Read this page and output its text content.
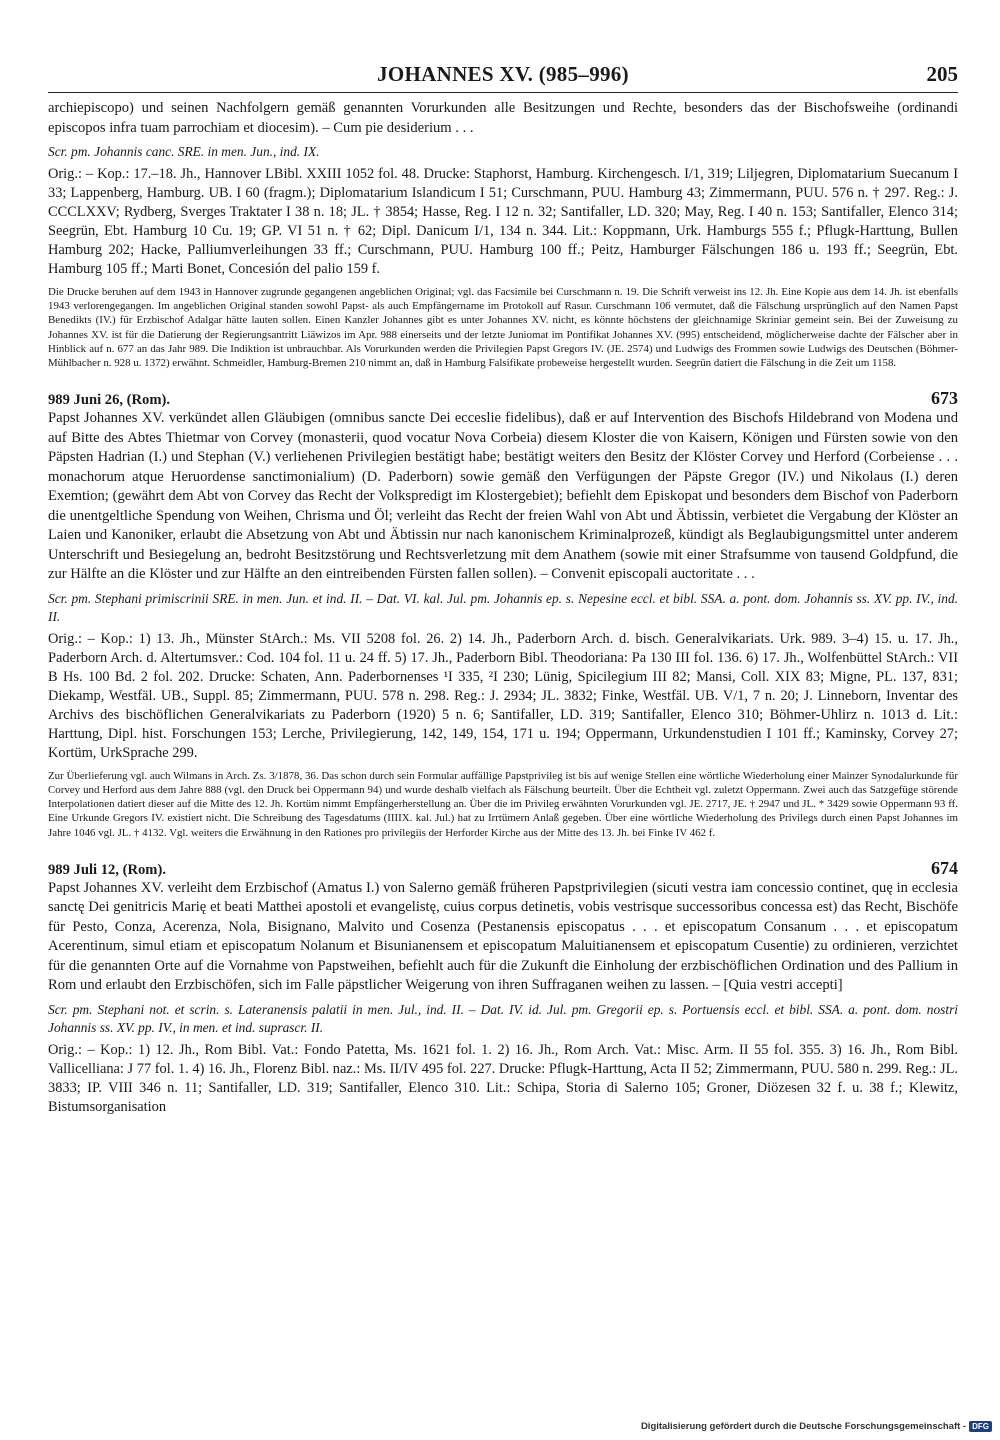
JOHANNES XV. (985–996)	205

archiepiscopo) und seinen Nachfolgern gemäß genannten Vorurkunden alle Besitzungen und Rechte, besonders das der Bischofsweihe (ordinandi episcopos infra tuam parrochiam et diocesim). – Cum pie desiderium . . .

Scr. pm. Johannis canc. SRE. in men. Jun., ind. IX.

Orig.: – Kop.: 17.–18. Jh., Hannover LBibl. XXIII 1052 fol. 48. Drucke: Staphorst, Hamburg. Kirchengesch. I/1, 319; Liljegren, Diplomatarium Suecanum I 33; Lappenberg, Hamburg. UB. I 60 (fragm.); Diplomatarium Islandicum I 51; Curschmann, PUU. Hamburg 43; Zimmermann, PUU. 576 n. † 297. Reg.: J. CCCLXXV; Rydberg, Sverges Traktater I 38 n. 18; JL. † 3854; Hasse, Reg. I 12 n. 32; Santifaller, LD. 320; May, Reg. I 40 n. 153; Santifaller, Elenco 314; Seegrün, Ebt. Hamburg 10 Cu. 19; GP. VI 51 n. † 62; Dipl. Danicum I/1, 134 n. 344. Lit.: Koppmann, Urk. Hamburgs 555 f.; Pflugk-Harttung, Bullen Hamburg 202; Hacke, Palliumverleihungen 33 ff.; Curschmann, PUU. Hamburg 100 ff.; Peitz, Hamburger Fälschungen 186 u. 193 ff.; Seegrün, Ebt. Hamburg 105 ff.; Marti Bonet, Concesión del palio 159 f.

Die Drucke beruhen auf dem 1943 in Hannover zugrunde gegangenen angeblichen Original; vgl. das Facsimile bei Curschmann n. 19. Die Schrift verweist ins 12. Jh. Eine Kopie aus dem 14. Jh. ist ebenfalls 1943 verlorengegangen. Im angeblichen Original standen sowohl Papst- als auch Empfängername im Protokoll auf Rasur. Curschmann 106 vermutet, daß die Fälschung ursprünglich auf den Namen Papst Benedikts (IV.) für Erzbischof Adalgar hätte lauten sollen. Einen Kanzler Johannes gibt es unter Johannes XV. nicht, es könnte höchstens der gleichnamige Skriniar gemeint sein. Bei der Zuweisung zu Johannes XV. ist für die Datierung der Regierungsantritt Liäwizos im Apr. 988 einerseits und der letzte Juniomat im Pontifikat Johannes XV. (995) entscheidend, möglicherweise dachte der Fälscher aber in Hinblick auf n. 677 an das Jahr 989. Die Indiktion ist unbrauchbar. Als Vorurkunden werden die Privilegien Papst Gregors IV. (JE. 2574) und Ludwigs des Frommen sowie Ludwigs des Deutschen (Böhmer-Mühlbacher n. 928 u. 1372) erwähnt. Schmeidler, Hamburg-Bremen 210 nimmt an, daß in Hamburg Falsifikate probeweise hergestellt wurden. Seegrün datiert die Fälschung in die Zeit um 1158.

989 Juni 26, (Rom).	673

Papst Johannes XV. verkündet allen Gläubigen (omnibus sancte Dei ecceslie fidelibus), daß er auf Intervention des Bischofs Hildebrand von Modena und auf Bitte des Abtes Thietmar von Corvey (monasterii, quod vocatur Nova Corbeia) diesem Kloster die von Kaisern, Königen und Fürsten sowie von den Päpsten Hadrian (I.) und Stephan (V.) verliehenen Privilegien bestätigt habe; bestätigt weiters den Besitz der Klöster Corvey und Herford (Corbeiense . . . monachorum atque Heruordense sanctimonialium) (D. Paderborn) sowie gemäß den Verfügungen der Päpste Gregor (IV.) und Nikolaus (I.) deren Exemtion; (gewährt dem Abt von Corvey das Recht der Volkspredigt im Klostergebiet); befiehlt dem Episkopat und besonders dem Bischof von Paderborn die unentgeltliche Spendung von Weihen, Chrisma und Öl; verleiht das Recht der freien Wahl von Abt und Äbtissin, verbietet die Vergabung der Klöster an Laien und Kanoniker, erlaubt die Absetzung von Abt und Äbtissin nur nach kanonischem Kriminalprozeß, kündigt als Beglaubigungsmittel unter anderem Unterschrift und Besiegelung an, bedroht Besitzstörung und Rechtsverletzung mit dem Anathem (sowie mit einer Strafsumme von tausend Goldpfund, die zur Hälfte an die Klöster und zur Hälfte an den eintreibenden Fürsten fallen sollen). – Convenit episcopali auctoritate . . .

Scr. pm. Stephani primiscrinii SRE. in men. Jun. et ind. II. – Dat. VI. kal. Jul. pm. Johannis ep. s. Nepesine eccl. et bibl. SSA. a. pont. dom. Johannis ss. XV. pp. IV., ind. II.

Orig.: – Kop.: 1) 13. Jh., Münster StArch.: Ms. VII 5208 fol. 26. 2) 14. Jh., Paderborn Arch. d. bisch. Generalvikariats. Urk. 989. 3–4) 15. u. 17. Jh., Paderborn Arch. d. Altertumsver.: Cod. 104 fol. 11 u. 24 ff. 5) 17. Jh., Paderborn Bibl. Theodoriana: Pa 130 III fol. 136. 6) 17. Jh., Wolfenbüttel StArch.: VII B Hs. 100 Bd. 2 fol. 202. Drucke: Schaten, Ann. Paderbornenses ¹I 335, ²I 230; Lünig, Spicilegium III 82; Mansi, Coll. XIX 83; Migne, PL. 137, 831; Diekamp, Westfäl. UB., Suppl. 85; Zimmermann, PUU. 578 n. 298. Reg.: J. 2934; JL. 3832; Finke, Westfäl. UB. V/1, 7 n. 20; J. Linneborn, Inventar des Archivs des bischöflichen Generalvikariats zu Paderborn (1920) 5 n. 6; Santifaller, LD. 319; Santifaller, Elenco 310; Böhmer-Uhlirz n. 1013 d. Lit.: Harttung, Dipl. hist. Forschungen 153; Lerche, Privilegierung, 142, 149, 154, 171 u. 194; Oppermann, Urkundenstudien I 101 ff.; Kaminsky, Corvey 27; Kortüm, UrkSprache 299.

Zur Überlieferung vgl. auch Wilmans in Arch. Zs. 3/1878, 36. Das schon durch sein Formular auffällige Papstprivileg ist bis auf wenige Stellen eine wörtliche Wiederholung einer Mainzer Synodalurkunde für Corvey und Herford aus dem Jahre 888 (vgl. den Druck bei Oppermann 94) und wurde deshalb vielfach als Fälschung beurteilt. Über die Echtheit vgl. zuletzt Oppermann. Zwei auch das Satzgefüge störende Interpolationen datiert dieser auf die Mitte des 12. Jh. Kortüm nimmt Empfängerherstellung an. Über die im Privileg erwähnten Vorurkunden vgl. JE. 2717, JE. † 2947 und JL. * 3429 sowie Oppermann 93 ff. Eine Urkunde Gregors IV. existiert nicht. Die Schreibung des Tagesdatums (IIIIX. kal. Jul.) hat zu Irrtümern Anlaß gegeben. Über eine wörtliche Wiederholung des Privilegs durch einen Papst Johannes im Jahre 1046 vgl. JL. † 4132. Vgl. weiters die Erwähnung in den Rationes pro privilegiis der Herforder Kirche aus der Mitte des 13. Jh. bei Finke IV 462 f.

989 Juli 12, (Rom).	674

Papst Johannes XV. verleiht dem Erzbischof (Amatus I.) von Salerno gemäß früheren Papstprivilegien (sicuti vestra iam concessio continet, quę in ecclesia sanctę Dei genitricis Marię et beati Matthei apostoli et evangelistę, cuius corpus detinetis, vobis vestrisque successoribus concessa est) das Recht, Bischöfe für Pesto, Conza, Acerenza, Nola, Bisignano, Malvito und Cosenza (Pestanensis episcopatus . . . et episcopatum Consanum . . . et episcopatum Acerentinum, simul etiam et episcopatum Nolanum et Bisunianensem et episcopatum Maluitianensem et episcopatum Cusentie) zu ordinieren, verzichtet für die genannten Orte auf die Vornahme von Papstweihen, befiehlt auch für die Zukunft die Einholung der erzbischöflichen Ordination und des Pallium in Rom und erlaubt den Erzbischöfen, sich im Falle päpstlicher Weigerung von ihren Suffraganen weihen zu lassen. – [Quia vestri accepti]

Scr. pm. Stephani not. et scrin. s. Lateranensis palatii in men. Jul., ind. II. – Dat. IV. id. Jul. pm. Gregorii ep. s. Portuensis eccl. et bibl. SSA. a. pont. dom. nostri Johannis ss. XV. pp. IV., in men. et ind. suprascr. II.

Orig.: – Kop.: 1) 12. Jh., Rom Bibl. Vat.: Fondo Patetta, Ms. 1621 fol. 1. 2) 16. Jh., Rom Arch. Vat.: Misc. Arm. II 55 fol. 355. 3) 16. Jh., Rom Bibl. Vallicelliana: J 77 fol. 1. 4) 16. Jh., Florenz Bibl. naz.: Ms. II/IV 495 fol. 227. Drucke: Pflugk-Harttung, Acta II 52; Zimmermann, PUU. 580 n. 299. Reg.: JL. 3833; IP. VIII 346 n. 11; Santifaller, LD. 319; Santifaller, Elenco 310. Lit.: Schipa, Storia di Salerno 105; Groner, Diözesen 32 f. u. 38 f.; Klewitz, Bistumsorganisation

Digitalisierung gefördert durch die Deutsche Forschungsgemeinschaft - DFG
